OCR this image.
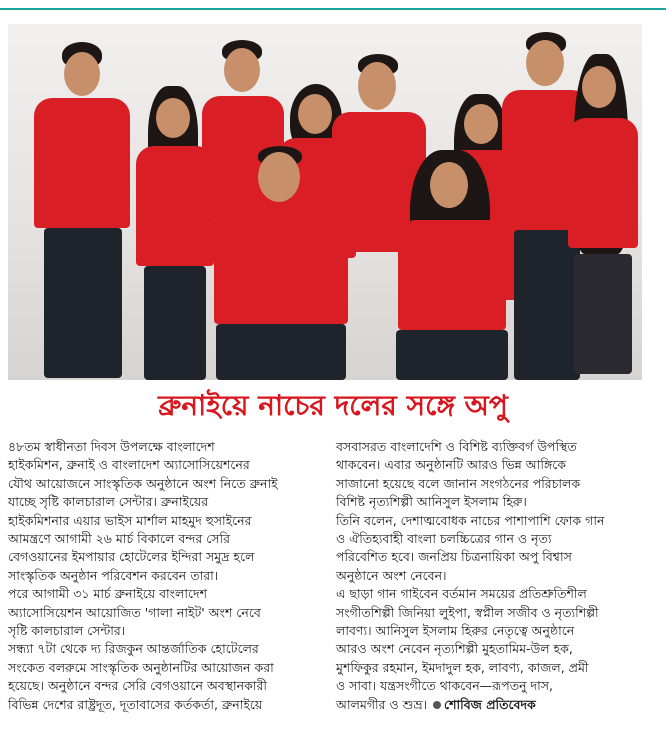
ব্রুনাইয়ে নাচের দলের সঙ্গে অপু

৪৮তম স্বাধীনতা দিবস উপলক্ষে বাংলাদেশ

হাইকমিশন, ব্রুনাই ও বাংলাদেশ অ্যাসোসিয়েশনের

যৌথ আয়োজনে সাংস্কৃতিক অনুষ্ঠানে অংশ নিতে ব্রুনাই

যাচ্ছে সৃষ্টি কালচারাল সেন্টার। ব্রুনাইয়ের

হাইকমিশনার এয়ার ভাইস মার্শাল মাহমুদ হুসাইনের

আমন্ত্রণে আগামী ২৬ মার্চ বিকালে বন্দর সেরি

বেগওয়ানের ইমপায়ার হোটেলের ইন্দিরা সমুদ্র হলে

সাংস্কৃতিক অনুষ্ঠান পরিবেশন করবেন তারা।

পরে আগামী ৩১ মার্চ ব্রুনাইয়ে বাংলাদেশ

অ্যাসোসিয়েশন আয়োজিত 'গালা নাইট' অংশ নেবে

সৃষ্টি কালচারাল সেন্টার।

সন্ধ্যা ৭টা থেকে দ্য রিজকুন আন্তর্জাতিক হোটেলের

সংকেত বলরুমে সাংস্কৃতিক অনুষ্ঠানটির আয়োজন করা

হয়েছে। অনুষ্ঠানে বন্দর সেরি বেগওয়ানে অবস্থানকারী

বিভিন্ন দেশের রাষ্ট্রদূত, দূতাবাসের কর্তকর্তা, ব্রুনাইয়ে

বসবাসরত বাংলাদেশি ও বিশিষ্ট ব্যক্তিবর্গ উপস্থিত

থাকবেন। এবার অনুষ্ঠানটি আরও ভিন্ন আঙ্গিকে

সাজানো হয়েছে বলে জানান সংগঠনের পরিচালক

বিশিষ্ট নৃত্যশিল্পী আনিসুল ইসলাম হিরু।

তিনি বলেন, দেশাত্মবোধক নাচের পাশাপাশি ফোক গান

ও ঐতিহ্যবাহী বাংলা চলচ্চিত্রের গান ও নৃত্য

পরিবেশিত হবে। জনপ্রিয় চিত্রনায়িকা অপু বিশ্বাস

অনুষ্ঠানে অংশ নেবেন।

এ ছাড়া গান গাইবেন বর্তমান সময়ের প্রতিশ্রুতিশীল

সংগীতশিল্পী জিনিয়া লুইপা, স্বপ্নীল সজীব ও নৃত্যশিল্পী

লাবণ্য। আনিসুল ইসলাম হিরুর নেতৃত্বে অনুষ্ঠানে

আরও অংশ নেবেন নৃত্যশিল্পী মুহতামিম-উল হক,

মুশফিকুর রহমান, ইমদাদুল হক, লাবণ্য, কাজল, প্রমী

ও সাবা। যন্ত্রসংগীতে থাকবেন—রূপতনু দাস,

আলমগীর ও শুভ্র। শোবিজ প্রতিবেদক
